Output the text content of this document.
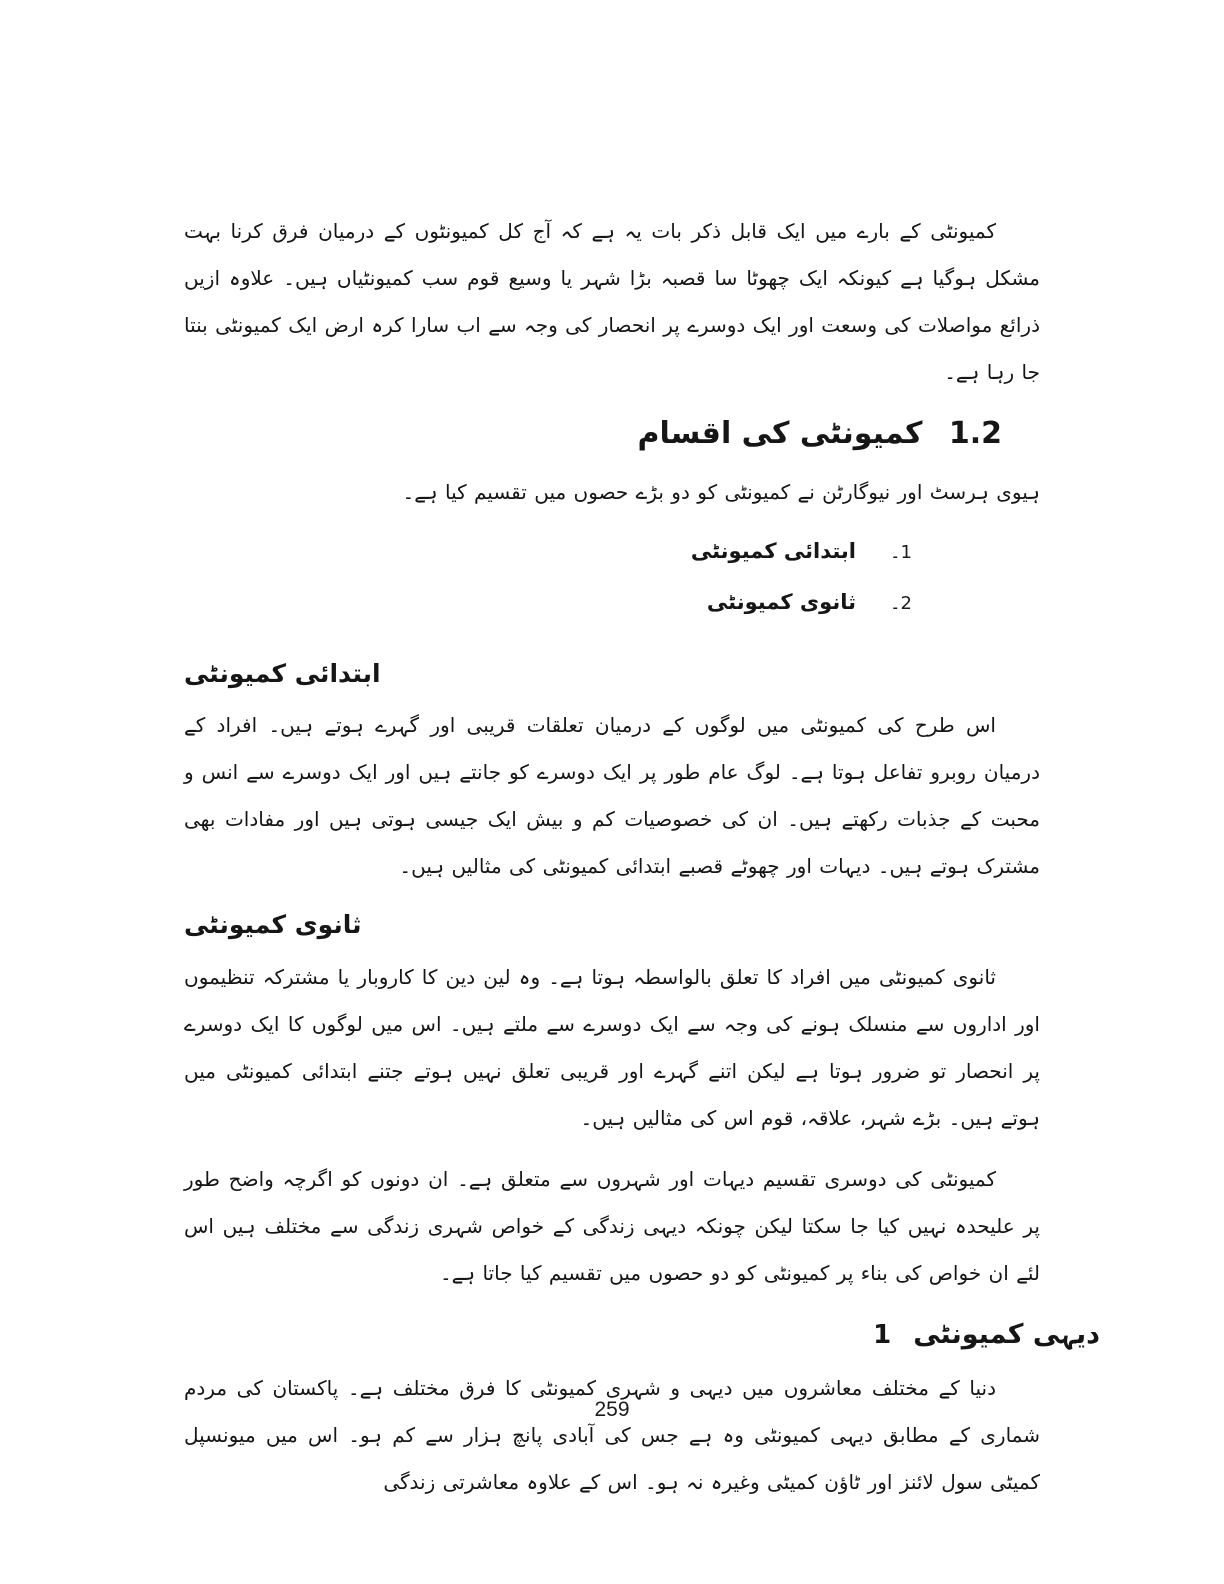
کمیونٹی کے بارے میں ایک قابل ذکر بات یہ ہے کہ آج کل کمیونٹوں کے درمیان فرق کرنا بہت مشکل ہوگیا ہے کیونکہ ایک چھوٹا سا قصبہ بڑا شہر یا وسیع قوم سب کمیونٹیاں ہیں۔ علاوہ ازیں ذرائع مواصلات کی وسعت اور ایک دوسرے پر انحصار کی وجہ سے اب سارا کرہ ارض ایک کمیونٹی بنتا جا رہا ہے۔

1.2 کمیونٹی کی اقسام

ہیوی ہرسٹ اور نیوگارٹن نے کمیونٹی کو دو بڑے حصوں میں تقسیم کیا ہے۔

1۔
ابتدائی کمیونٹی
2۔
ثانوی کمیونٹی
ابتدائی کمیونٹی

اس طرح کی کمیونٹی میں لوگوں کے درمیان تعلقات قریبی اور گہرے ہوتے ہیں۔ افراد کے درمیان روبرو تفاعل ہوتا ہے۔ لوگ عام طور پر ایک دوسرے کو جانتے ہیں اور ایک دوسرے سے انس و محبت کے جذبات رکھتے ہیں۔ ان کی خصوصیات کم و بیش ایک جیسی ہوتی ہیں اور مفادات بھی مشترک ہوتے ہیں۔ دیہات اور چھوٹے قصبے ابتدائی کمیونٹی کی مثالیں ہیں۔

ثانوی کمیونٹی

ثانوی کمیونٹی میں افراد کا تعلق بالواسطہ ہوتا ہے۔ وہ لین دین کا کاروبار یا مشترکہ تنظیموں اور اداروں سے منسلک ہونے کی وجہ سے ایک دوسرے سے ملتے ہیں۔ اس میں لوگوں کا ایک دوسرے پر انحصار تو ضرور ہوتا ہے لیکن اتنے گہرے اور قریبی تعلق نہیں ہوتے جتنے ابتدائی کمیونٹی میں ہوتے ہیں۔ بڑے شہر، علاقہ، قوم اس کی مثالیں ہیں۔

کمیونٹی کی دوسری تقسیم دیہات اور شہروں سے متعلق ہے۔ ان دونوں کو اگرچہ واضح طور پر علیحدہ نہیں کیا جا سکتا لیکن چونکہ دیہی زندگی کے خواص شہری زندگی سے مختلف ہیں اس لئے ان خواص کی بناء پر کمیونٹی کو دو حصوں میں تقسیم کیا جاتا ہے۔

دیہی کمیونٹی1

دنیا کے مختلف معاشروں میں دیہی و شہری کمیونٹی کا فرق مختلف ہے۔ پاکستان کی مردم شماری کے مطابق دیہی کمیونٹی وہ ہے جس کی آبادی پانچ ہزار سے کم ہو۔ اس میں میونسپل کمیٹی سول لائنز اور ٹاؤن کمیٹی وغیرہ نہ ہو۔ اس کے علاوہ معاشرتی زندگی

259
